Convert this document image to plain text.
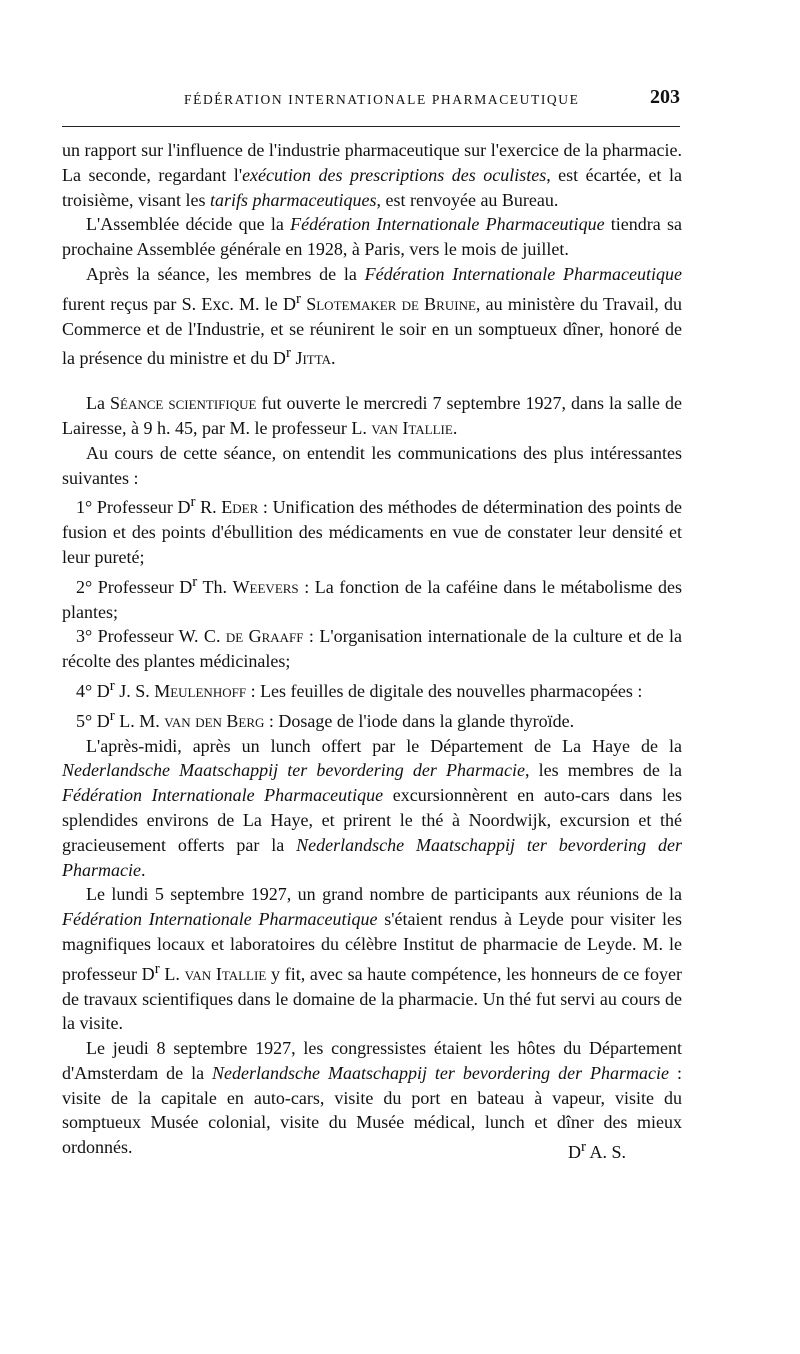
FÉDÉRATION INTERNATIONALE PHARMACEUTIQUE	203

un rapport sur l'influence de l'industrie pharmaceutique sur l'exercice de la pharmacie. La seconde, regardant l'exécution des prescriptions des oculistes, est écartée, et la troisième, visant les tarifs pharmaceutiques, est renvoyée au Bureau.

L'Assemblée décide que la Fédération Internationale Pharmaceutique tiendra sa prochaine Assemblée générale en 1928, à Paris, vers le mois de juillet.

Après la séance, les membres de la Fédération Internationale Pharmaceutique furent reçus par S. Exc. M. le $D^r$ Slotemaker de Bruine, au ministère du Travail, du Commerce et de l'Industrie, et se réunirent le soir en un somptueux dîner, honoré de la présence du ministre et du $D^r$ Jitta.

La Séance scientifique fut ouverte le mercredi 7 septembre 1927, dans la salle de Lairesse, à 9 h. 45, par M. le professeur L. van Itallie.

Au cours de cette séance, on entendit les communications des plus intéressantes suivantes :

1° Professeur $D^r$ R. Eder : Unification des méthodes de détermination des points de fusion et des points d'ébullition des médicaments en vue de constater leur densité et leur pureté;

2° Professeur $D^r$ Th. Weevers : La fonction de la caféine dans le métabolisme des plantes;

3° Professeur W. C. de Graaff : L'organisation internationale de la culture et de la récolte des plantes médicinales;

4° $D^r$ J. S. Meulenhoff : Les feuilles de digitale des nouvelles pharmacopées :

5° $D^r$ L. M. van den Berg : Dosage de l'iode dans la glande thyroïde.

L'après-midi, après un lunch offert par le Département de La Haye de la Nederlandsche Maatschappij ter bevordering der Pharmacie, les membres de la Fédération Internationale Pharmaceutique excursionnèrent en auto-cars dans les splendides environs de La Haye, et prirent le thé à Noordwijk, excursion et thé gracieusement offerts par la Nederlandsche Maatschappij ter bevordering der Pharmacie.

Le lundi 5 septembre 1927, un grand nombre de participants aux réunions de la Fédération Internationale Pharmaceutique s'étaient rendus à Leyde pour visiter les magnifiques locaux et laboratoires du célèbre Institut de pharmacie de Leyde. M. le professeur $D^r$ L. van Itallie y fit, avec sa haute compétence, les honneurs de ce foyer de travaux scientifiques dans le domaine de la pharmacie. Un thé fut servi au cours de la visite.

Le jeudi 8 septembre 1927, les congressistes étaient les hôtes du Département d'Amsterdam de la Nederlandsche Maatschappij ter bevordering der Pharmacie : visite de la capitale en auto-cars, visite du port en bateau à vapeur, visite du somptueux Musée colonial, visite du Musée médical, lunch et dîner des mieux ordonnés.	$D^r$ A. S.
